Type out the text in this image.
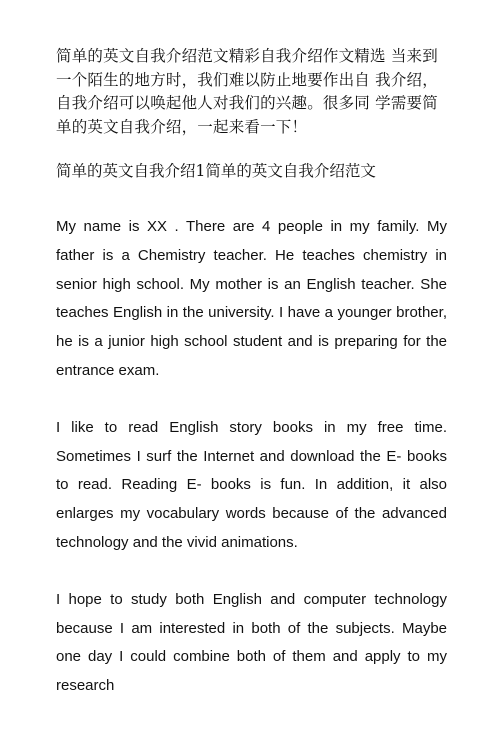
简单的英文自我介绍范文精彩自我介绍作文精选 当来到一个陌生的地方时，我们难以防止地要作出自 我介绍，自我介绍可以唤起他人对我们的兴趣。很多同 学需要简单的英文自我介绍，一起来看一下！

简单的英文自我介绍1简单的英文自我介绍范文

My name is XX . There are 4 people in my family. My father is a Chemistry teacher. He teaches chemistry in senior high school. My mother is an English teacher. She teaches English in the university. I have a younger brother, he is a junior high school student and is preparing for the entrance exam.

I like to read English story books in my free time. Sometimes I surf the Internet and download the E- books to read. Reading E- books is fun. In addition, it also enlarges my vocabulary words because of the advanced technology and the vivid animations.

I hope to study both English and computer technology because I am interested in both of the subjects. Maybe one day I could combine both of them and apply to my research
